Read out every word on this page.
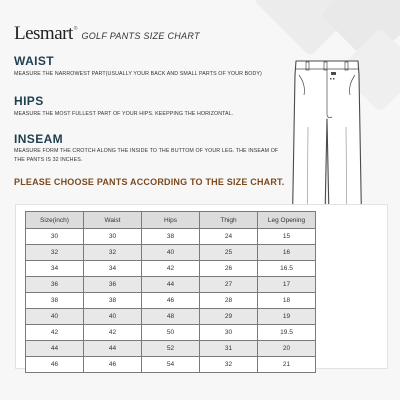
Lesmart ®
GOLF PANTS SIZE CHART
WAIST
MEASURE THE NARROWEST PART(USUALLY YOUR BACK AND SMALL PARTS OF YOUR BODY)
HIPS
MEASURE THE MOST FULLEST PART OF YOUR HIPS. KEEPPING THE HORIZONTAL.
INSEAM
MEASURE FORM THE CROTCH ALONG THE INSIDE TO THE BUTTOM OF YOUR LEG. THE INSEAM OF THE PANTS IS 32 INCHES.
PLEASE CHOOSE PANTS ACCORDING TO THE SIZE CHART.
Size(inch)	Waist	Hips	Thigh	Leg Opening
30	30	38	24	15
32	32	40	25	16
34	34	42	26	16.5
36	36	44	27	17
38	38	46	28	18
40	40	48	29	19
42	42	50	30	19.5
44	44	52	31	20
46	46	54	32	21
